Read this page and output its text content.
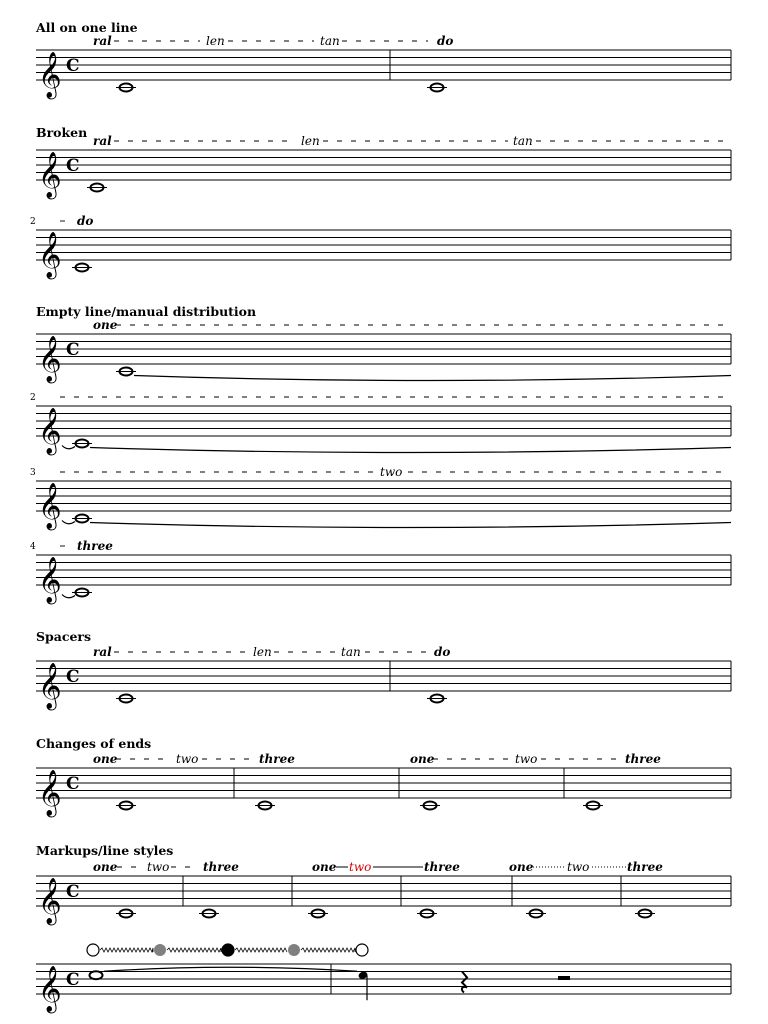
All on one line
Broken
Empty line/manual distribution
Spacers
Changes of ends
Markups/line styles
𝄞 C
ral	len	tan	do
𝄞 C
ral	len	tan
2
𝄞
do
𝄞 C
one
2
𝄞
3
𝄞
two
4
𝄞
three
𝄞 C
ral	len	tan	do
𝄞 C
one	two	three	one	two	three
𝄞 C
one two	three	one two	three	one	two	three
𝄞 C
